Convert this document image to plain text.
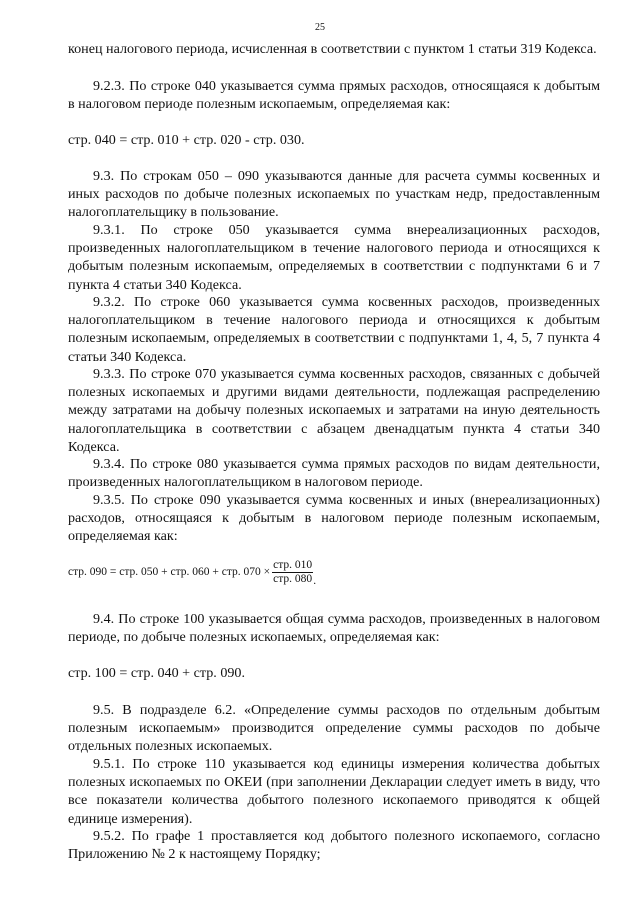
25

конец налогового периода, исчисленная в соответствии с пунктом 1 статьи 319 Кодекса.

9.2.3. По строке 040 указывается сумма прямых расходов, относящаяся к добытым в налоговом периоде полезным ископаемым, определяемая как:

стр. 040 = стр. 010 + стр. 020 - стр. 030.

9.3. По строкам 050 – 090 указываются данные для расчета суммы косвенных и иных расходов по добыче полезных ископаемых по участкам недр, предоставленным налогоплательщику в пользование.

9.3.1. По строке 050 указывается сумма внереализационных расходов, произведенных налогоплательщиком в течение налогового периода и относящихся к добытым полезным ископаемым, определяемых в соответствии с подпунктами 6 и 7 пункта 4 статьи 340 Кодекса.

9.3.2. По строке 060 указывается сумма косвенных расходов, произведенных налогоплательщиком в течение налогового периода и относящихся к добытым полезным ископаемым, определяемых в соответствии с подпунктами 1, 4, 5, 7 пункта 4 статьи 340 Кодекса.

9.3.3. По строке 070 указывается сумма косвенных расходов, связанных с добычей полезных ископаемых и другими видами деятельности, подлежащая распределению между затратами на добычу полезных ископаемых и затратами на иную деятельность налогоплательщика в соответствии с абзацем двенадцатым пункта 4 статьи 340 Кодекса.

9.3.4. По строке 080 указывается сумма прямых расходов по видам деятельности, произведенных налогоплательщиком в налоговом периоде.

9.3.5. По строке 090 указывается сумма косвенных и иных (внереализационных) расходов, относящаяся к добытым в налоговом периоде полезным ископаемым, определяемая как:

стр. 090 = стр. 050 + стр. 060 + стр. $070 \times \frac{\text{стр. 010}}{\text{стр. 080}}$ .

9.4. По строке 100 указывается общая сумма расходов, произведенных в налоговом периоде, по добыче полезных ископаемых, определяемая как:

стр. 100 = стр. 040 + стр. 090.

9.5. В подразделе 6.2. «Определение суммы расходов по отдельным добытым полезным ископаемым» производится определение суммы расходов по добыче отдельных полезных ископаемых.

9.5.1. По строке 110 указывается код единицы измерения количества добытых полезных ископаемых по ОКЕИ (при заполнении Декларации следует иметь в виду, что все показатели количества добытого полезного ископаемого приводятся к общей единице измерения).

9.5.2. По графе 1 проставляется код добытого полезного ископаемого, согласно Приложению № 2 к настоящему Порядку;
